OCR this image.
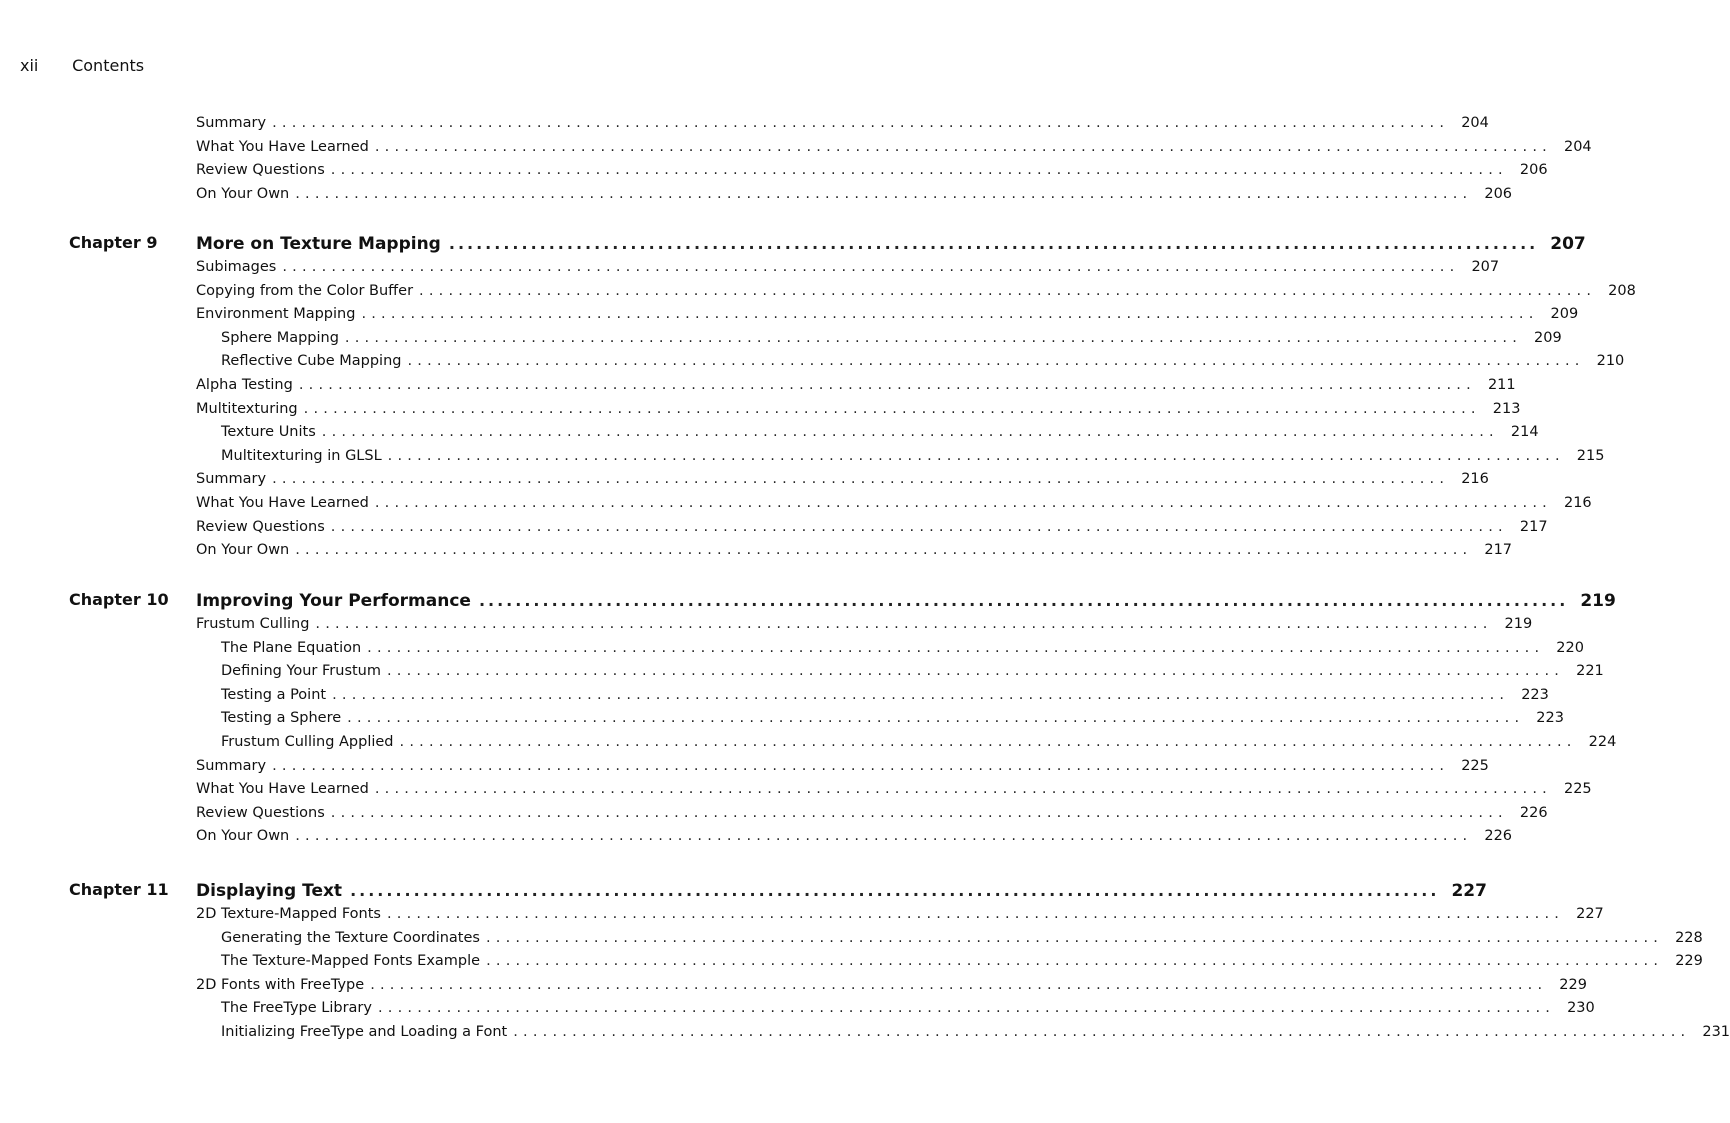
xii Contents
Summary ........................................................................................................................ 204
What You Have Learned ........................................................................................................................ 204
Review Questions ........................................................................................................................ 206
On Your Own ........................................................................................................................ 206
Chapter 9 More on Texture Mapping ........................................................................................................................ 207
Subimages ........................................................................................................................ 207
Copying from the Color Buffer ........................................................................................................................ 208
Environment Mapping ........................................................................................................................ 209
Sphere Mapping ........................................................................................................................ 209
Reflective Cube Mapping ........................................................................................................................ 210
Alpha Testing ........................................................................................................................ 211
Multitexturing ........................................................................................................................ 213
Texture Units ........................................................................................................................ 214
Multitexturing in GLSL ........................................................................................................................ 215
Summary ........................................................................................................................ 216
What You Have Learned ........................................................................................................................ 216
Review Questions ........................................................................................................................ 217
On Your Own ........................................................................................................................ 217
Chapter 10 Improving Your Performance ........................................................................................................................ 219
Frustum Culling ........................................................................................................................ 219
The Plane Equation ........................................................................................................................ 220
Defining Your Frustum ........................................................................................................................ 221
Testing a Point ........................................................................................................................ 223
Testing a Sphere ........................................................................................................................ 223
Frustum Culling Applied ........................................................................................................................ 224
Summary ........................................................................................................................ 225
What You Have Learned ........................................................................................................................ 225
Review Questions ........................................................................................................................ 226
On Your Own ........................................................................................................................ 226
Chapter 11 Displaying Text ........................................................................................................................ 227
2D Texture-Mapped Fonts ........................................................................................................................ 227
Generating the Texture Coordinates ........................................................................................................................ 228
The Texture-Mapped Fonts Example ........................................................................................................................ 229
2D Fonts with FreeType ........................................................................................................................ 229
The FreeType Library ........................................................................................................................ 230
Initializing FreeType and Loading a Font ........................................................................................................................ 231
